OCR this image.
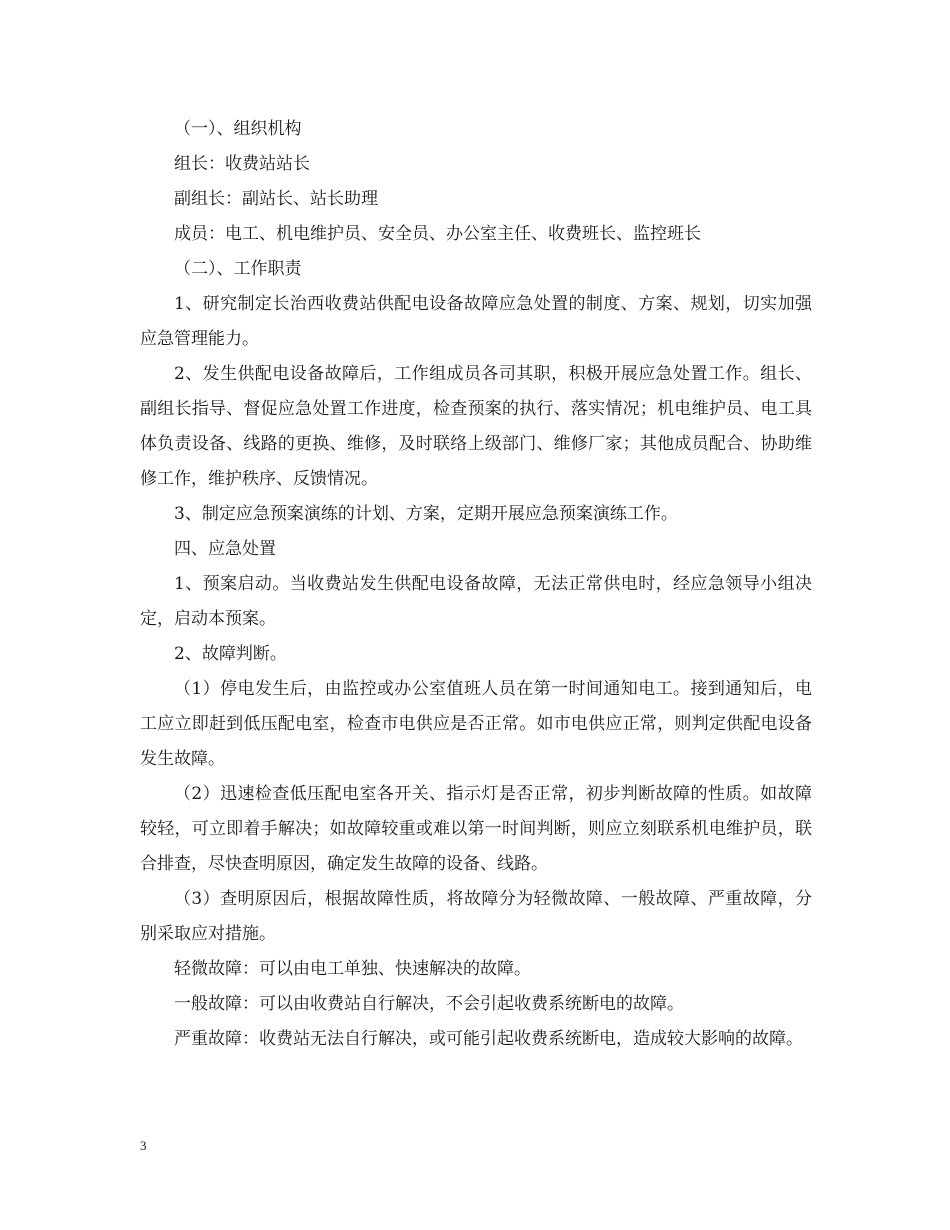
（一）、组织机构

组长：收费站站长

副组长：副站长、站长助理

成员：电工、机电维护员、安全员、办公室主任、收费班长、监控班长

（二）、工作职责

1、研究制定长治西收费站供配电设备故障应急处置的制度、方案、规划，切实加强应急管理能力。

2、发生供配电设备故障后，工作组成员各司其职，积极开展应急处置工作。组长、副组长指导、督促应急处置工作进度，检查预案的执行、落实情况；机电维护员、电工具体负责设备、线路的更换、维修，及时联络上级部门、维修厂家；其他成员配合、协助维修工作，维护秩序、反馈情况。

3、制定应急预案演练的计划、方案，定期开展应急预案演练工作。

四、应急处置

1、预案启动。当收费站发生供配电设备故障，无法正常供电时，经应急领导小组决定，启动本预案。

2、故障判断。

（1）停电发生后，由监控或办公室值班人员在第一时间通知电工。接到通知后，电工应立即赶到低压配电室，检查市电供应是否正常。如市电供应正常，则判定供配电设备发生故障。

（2）迅速检查低压配电室各开关、指示灯是否正常，初步判断故障的性质。如故障较轻，可立即着手解决；如故障较重或难以第一时间判断，则应立刻联系机电维护员，联合排查，尽快查明原因，确定发生故障的设备、线路。

（3）查明原因后，根据故障性质，将故障分为轻微故障、一般故障、严重故障，分别采取应对措施。

轻微故障：可以由电工单独、快速解决的故障。

一般故障：可以由收费站自行解决，不会引起收费系统断电的故障。

严重故障：收费站无法自行解决，或可能引起收费系统断电，造成较大影响的故障。

3
